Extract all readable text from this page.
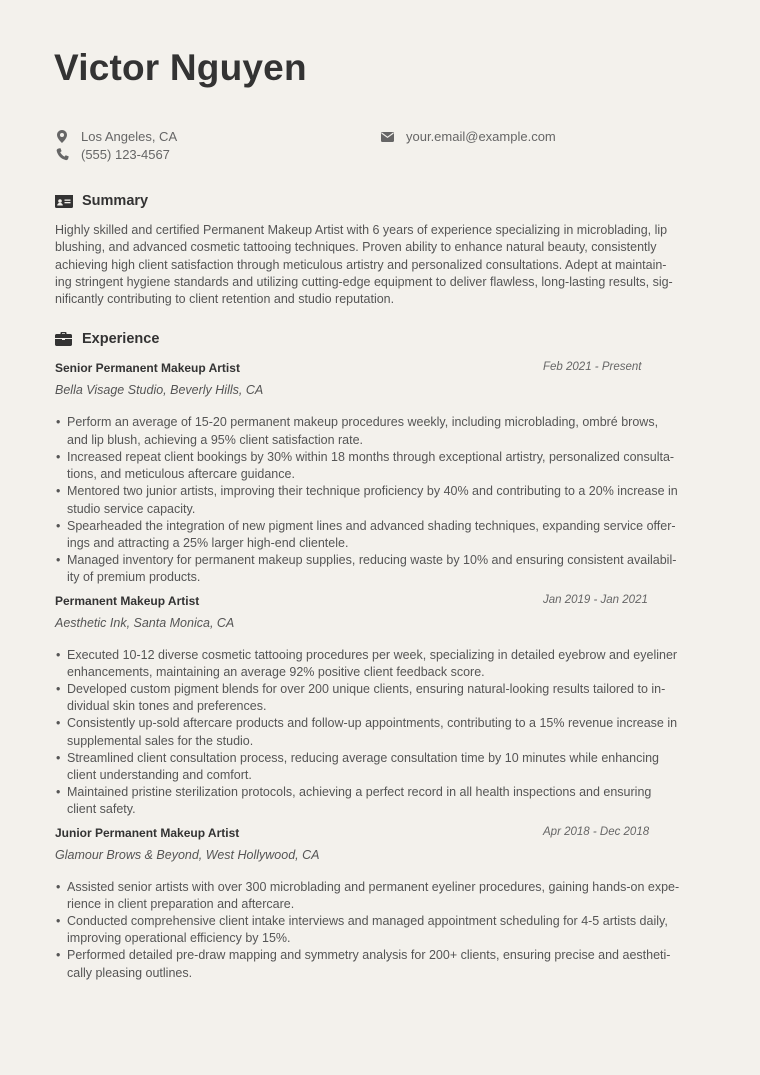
Victor Nguyen
Los Angeles, CA
(555) 123-4567
your.email@example.com
Summary
Highly skilled and certified Permanent Makeup Artist with 6 years of experience specializing in microblading, lip
blushing, and advanced cosmetic tattooing techniques. Proven ability to enhance natural beauty, consistently
achieving high client satisfaction through meticulous artistry and personalized consultations. Adept at maintain-
ing stringent hygiene standards and utilizing cutting-edge equipment to deliver flawless, long-lasting results, sig-
nificantly contributing to client retention and studio reputation.
Experience
Senior Permanent Makeup Artist	Feb 2021 - Present
Bella Visage Studio, Beverly Hills, CA
• Perform an average of 15-20 permanent makeup procedures weekly, including microblading, ombré brows,
and lip blush, achieving a 95% client satisfaction rate.
• Increased repeat client bookings by 30% within 18 months through exceptional artistry, personalized consulta-
tions, and meticulous aftercare guidance.
• Mentored two junior artists, improving their technique proficiency by 40% and contributing to a 20% increase in
studio service capacity.
• Spearheaded the integration of new pigment lines and advanced shading techniques, expanding service offer-
ings and attracting a 25% larger high-end clientele.
• Managed inventory for permanent makeup supplies, reducing waste by 10% and ensuring consistent availabil-
ity of premium products.
Permanent Makeup Artist	Jan 2019 - Jan 2021
Aesthetic Ink, Santa Monica, CA
• Executed 10-12 diverse cosmetic tattooing procedures per week, specializing in detailed eyebrow and eyeliner
enhancements, maintaining an average 92% positive client feedback score.
• Developed custom pigment blends for over 200 unique clients, ensuring natural-looking results tailored to in-
dividual skin tones and preferences.
• Consistently up-sold aftercare products and follow-up appointments, contributing to a 15% revenue increase in
supplemental sales for the studio.
• Streamlined client consultation process, reducing average consultation time by 10 minutes while enhancing
client understanding and comfort.
• Maintained pristine sterilization protocols, achieving a perfect record in all health inspections and ensuring
client safety.
Junior Permanent Makeup Artist	Apr 2018 - Dec 2018
Glamour Brows & Beyond, West Hollywood, CA
• Assisted senior artists with over 300 microblading and permanent eyeliner procedures, gaining hands-on expe-
rience in client preparation and aftercare.
• Conducted comprehensive client intake interviews and managed appointment scheduling for 4-5 artists daily,
improving operational efficiency by 15%.
• Performed detailed pre-draw mapping and symmetry analysis for 200+ clients, ensuring precise and aestheti-
cally pleasing outlines.
